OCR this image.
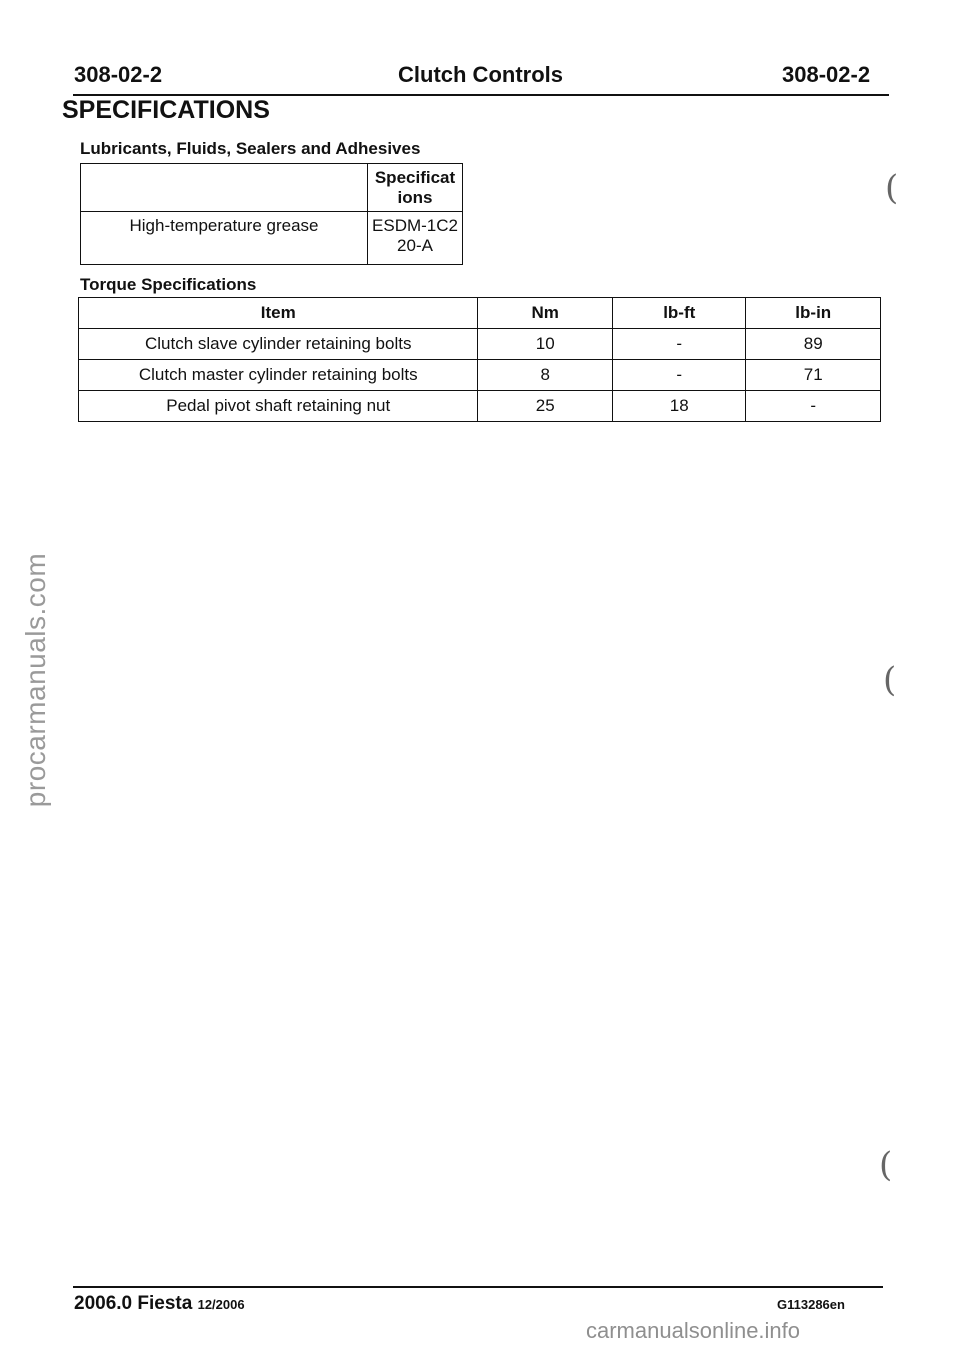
308-02-2	Clutch Controls	308-02-2
SPECIFICATIONS
Lubricants, Fluids, Sealers and Adhesives
	Specificat ions
High-temperature grease	ESDM-1C2 20-A
(
Torque Specifications
Item	Nm	lb-ft	lb-in
Clutch slave cylinder retaining bolts	10	-	89
Clutch master cylinder retaining bolts	8	-	71
Pedal pivot shaft retaining nut	25	18	-
(
(
procarmanuals.com
2006.0 Fiesta 12/2006	G113286en
carmanualsonline.info
